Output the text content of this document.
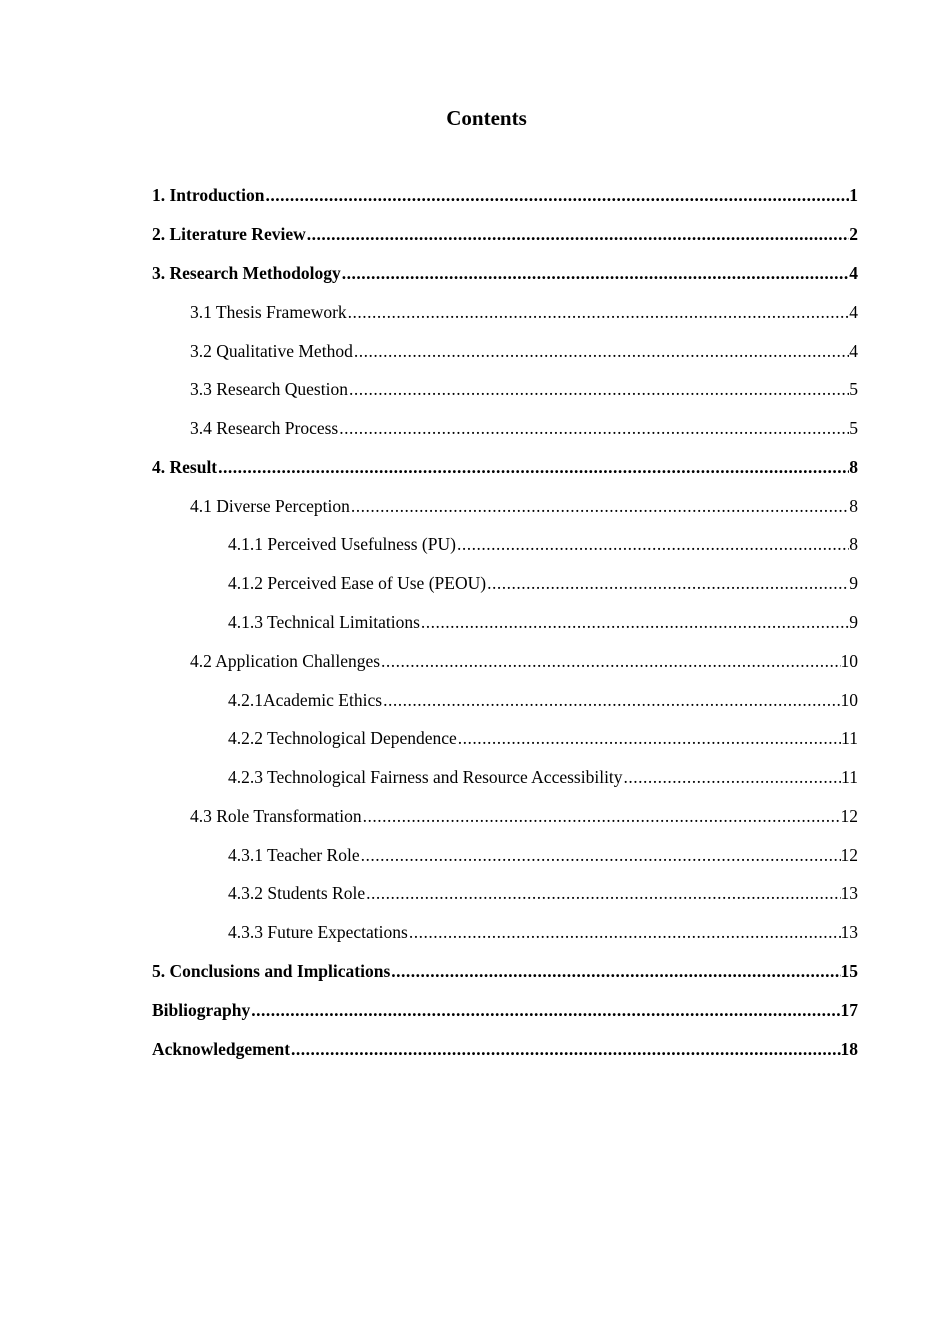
Contents
1. Introduction .....	1
2. Literature Review .....	2
3. Research Methodology .....	4
3.1 Thesis Framework .....	4
3.2 Qualitative Method .....	4
3.3 Research Question .....	5
3.4 Research Process .....	5
4. Result .....	8
4.1 Diverse Perception .....	8
4.1.1 Perceived Usefulness (PU) .....	8
4.1.2 Perceived Ease of Use (PEOU) .....	9
4.1.3 Technical Limitations .....	9
4.2 Application Challenges .....	10
4.2.1Academic Ethics .....	10
4.2.2 Technological Dependence .....	11
4.2.3 Technological Fairness and Resource Accessibility .....	11
4.3 Role Transformation .....	12
4.3.1 Teacher Role .....	12
4.3.2 Students Role .....	13
4.3.3 Future Expectations .....	13
5. Conclusions and Implications .....	15
Bibliography .....	17
Acknowledgement .....	18
